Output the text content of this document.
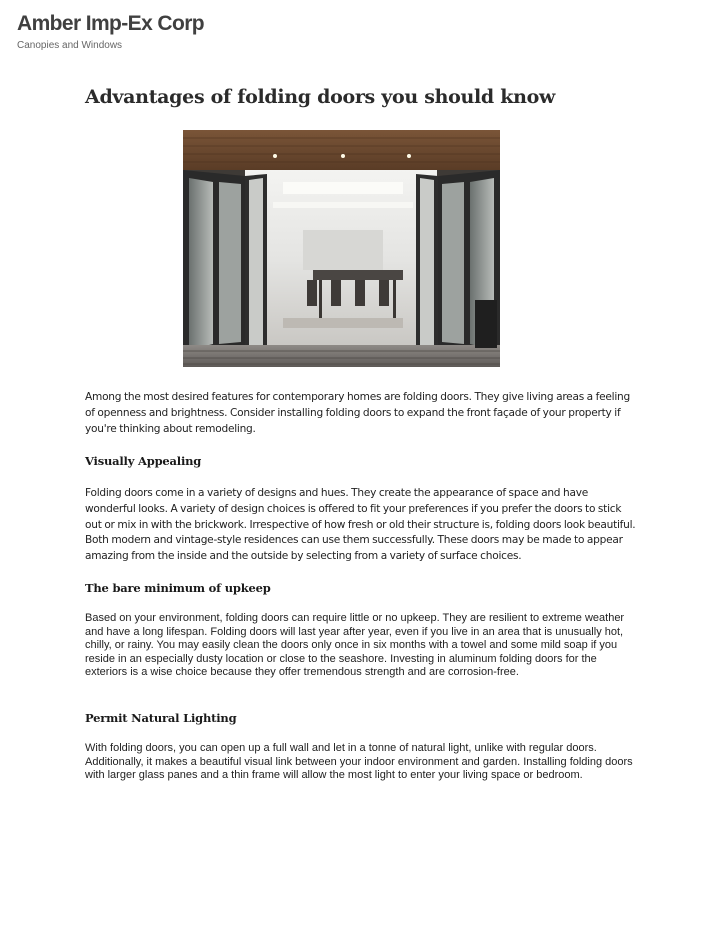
Amber Imp-Ex Corp
Canopies and Windows
Advantages of folding doors you should know

Among the most desired features for contemporary homes are folding doors. They give living areas a feeling of openness and brightness. Consider installing folding doors to expand the front façade of your property if you're thinking about remodeling.

Visually Appealing

Folding doors come in a variety of designs and hues. They create the appearance of space and have wonderful looks. A variety of design choices is offered to fit your preferences if you prefer the doors to stick out or mix in with the brickwork. Irrespective of how fresh or old their structure is, folding doors look beautiful. Both modern and vintage-style residences can use them successfully. These doors may be made to appear amazing from the inside and the outside by selecting from a variety of surface choices.

The bare minimum of upkeep

Based on your environment, folding doors can require little or no upkeep. They are resilient to extreme weather and have a long lifespan. Folding doors will last year after year, even if you live in an area that is unusually hot, chilly, or rainy. You may easily clean the doors only once in six months with a towel and some mild soap if you reside in an especially dusty location or close to the seashore. Investing in aluminum folding doors for the exteriors is a wise choice because they offer tremendous strength and are corrosion-free.

Permit Natural Lighting

With folding doors, you can open up a full wall and let in a tonne of natural light, unlike with regular doors. Additionally, it makes a beautiful visual link between your indoor environment and garden. Installing folding doors with larger glass panes and a thin frame will allow the most light to enter your living space or bedroom.
